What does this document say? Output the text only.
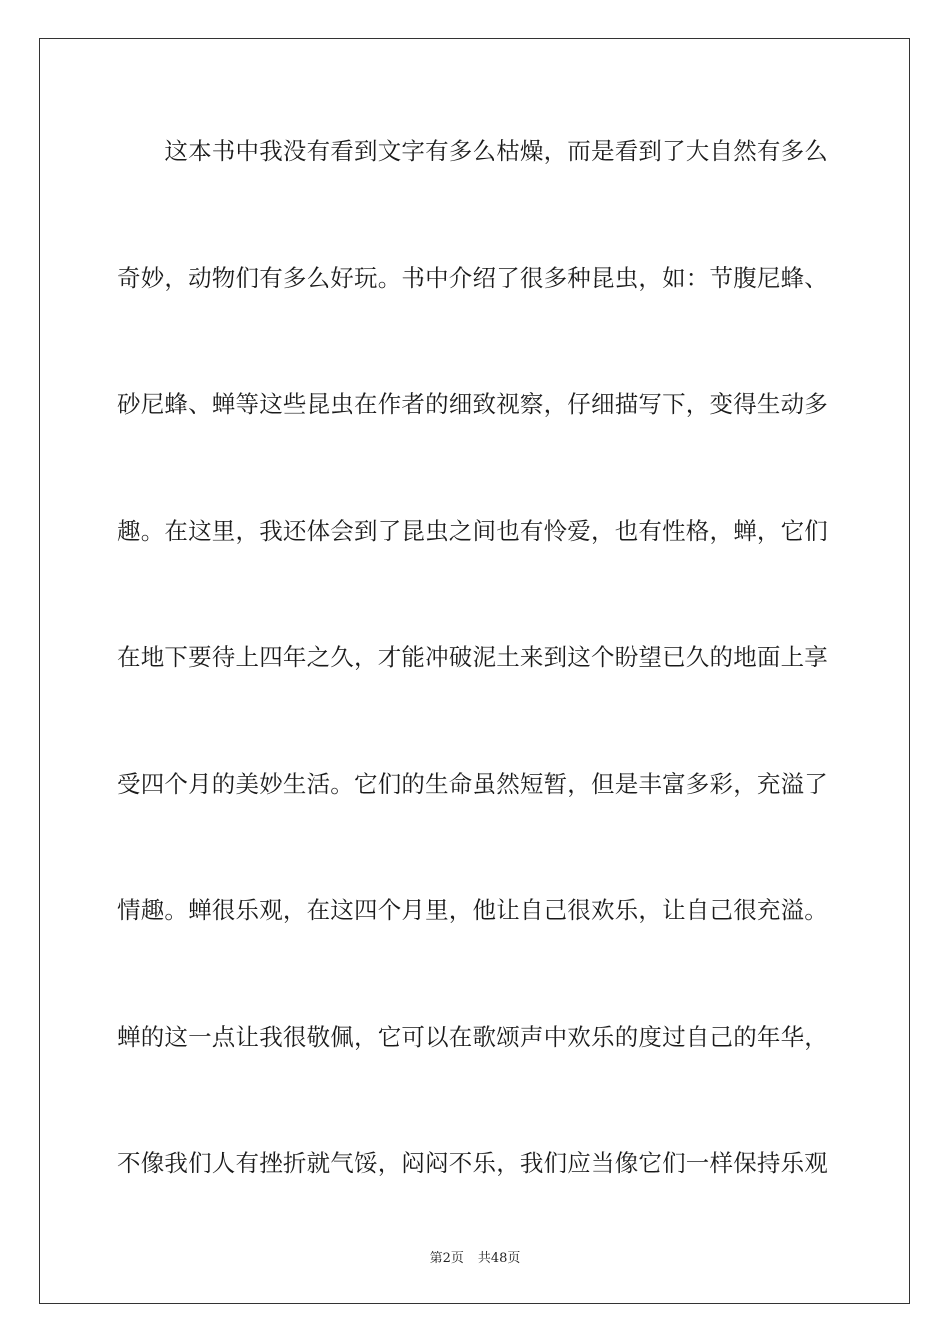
　　这本书中我没有看到文字有多么枯燥，而是看到了大自然有多么
奇妙，动物们有多么好玩。书中介绍了很多种昆虫，如：节腹尼蜂、
砂尼蜂、蝉等这些昆虫在作者的细致视察，仔细描写下，变得生动多
趣。在这里，我还体会到了昆虫之间也有怜爱，也有性格，蝉，它们
在地下要待上四年之久，才能冲破泥土来到这个盼望已久的地面上享
受四个月的美妙生活。它们的生命虽然短暂，但是丰富多彩，充溢了
情趣。蝉很乐观，在这四个月里，他让自己很欢乐，让自己很充溢。
蝉的这一点让我很敬佩，它可以在歌颂声中欢乐的度过自己的年华，
不像我们人有挫折就气馁，闷闷不乐，我们应当像它们一样保持乐观
第2页 共48页
